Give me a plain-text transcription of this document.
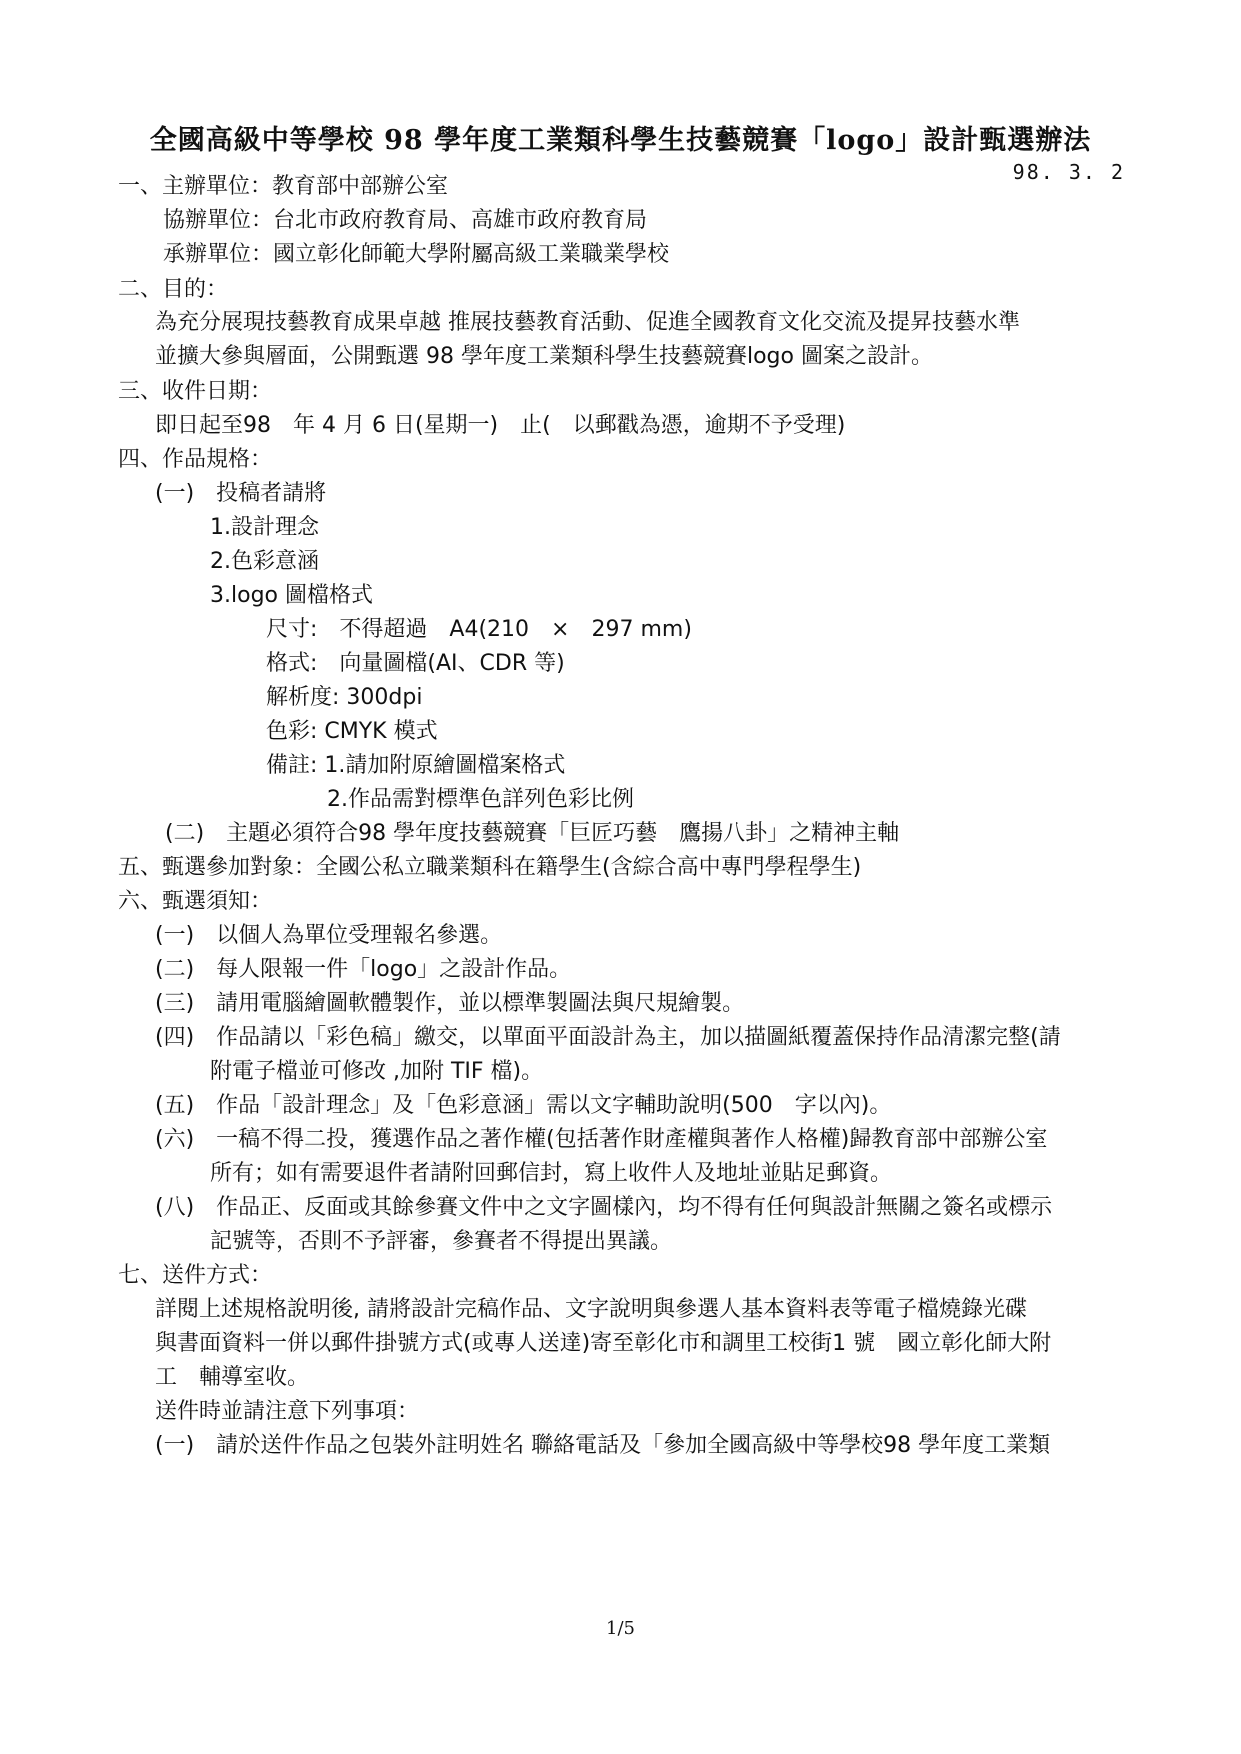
全國高級中等學校 98 學年度工業類科學生技藝競賽「logo」設計甄選辦法
98. 3. 2
一、主辦單位：教育部中部辦公室
協辦單位：台北市政府教育局、高雄市政府教育局
承辦單位：國立彰化師範大學附屬高級工業職業學校
二、目的：
為充分展現技藝教育成果卓越 推展技藝教育活動、促進全國教育文化交流及提昇技藝水準
並擴大參與層面，公開甄選 98 學年度工業類科學生技藝競賽logo 圖案之設計。
三、收件日期：
即日起至98　年 4 月 6 日(星期一)　止(　以郵戳為憑，逾期不予受理)
四、作品規格：
(一)　投稿者請將
1.設計理念
2.色彩意涵
3.logo 圖檔格式
尺寸:　不得超過　A4(210　×　297 mm)
格式:　向量圖檔(AI、CDR 等)
解析度: 300dpi
色彩: CMYK 模式
備註: 1.請加附原繪圖檔案格式
2.作品需對標準色詳列色彩比例
(二)　主題必須符合98 學年度技藝競賽「巨匠巧藝　鷹揚八卦」之精神主軸
五、甄選參加對象：全國公私立職業類科在籍學生(含綜合高中專門學程學生)
六、甄選須知：
(一)　以個人為單位受理報名參選。
(二)　每人限報一件「logo」之設計作品。
(三)　請用電腦繪圖軟體製作，並以標準製圖法與尺規繪製。
(四)　作品請以「彩色稿」繳交，以單面平面設計為主，加以描圖紙覆蓋保持作品清潔完整(請
附電子檔並可修改 ,加附 TIF 檔)。
(五)　作品「設計理念」及「色彩意涵」需以文字輔助說明(500　字以內)。
(六)　一稿不得二投，獲選作品之著作權(包括著作財產權與著作人格權)歸教育部中部辦公室
所有；如有需要退件者請附回郵信封，寫上收件人及地址並貼足郵資。
(八)　作品正、反面或其餘參賽文件中之文字圖樣內，均不得有任何與設計無關之簽名或標示
記號等，否則不予評審，參賽者不得提出異議。
七、送件方式：
詳閱上述規格說明後, 請將設計完稿作品、文字說明與參選人基本資料表等電子檔燒錄光碟
與書面資料一併以郵件掛號方式(或專人送達)寄至彰化市和調里工校街1 號　國立彰化師大附
工　輔導室收。
送件時並請注意下列事項：
(一)　請於送件作品之包裝外註明姓名 聯絡電話及「參加全國高級中等學校98 學年度工業類
1/5
